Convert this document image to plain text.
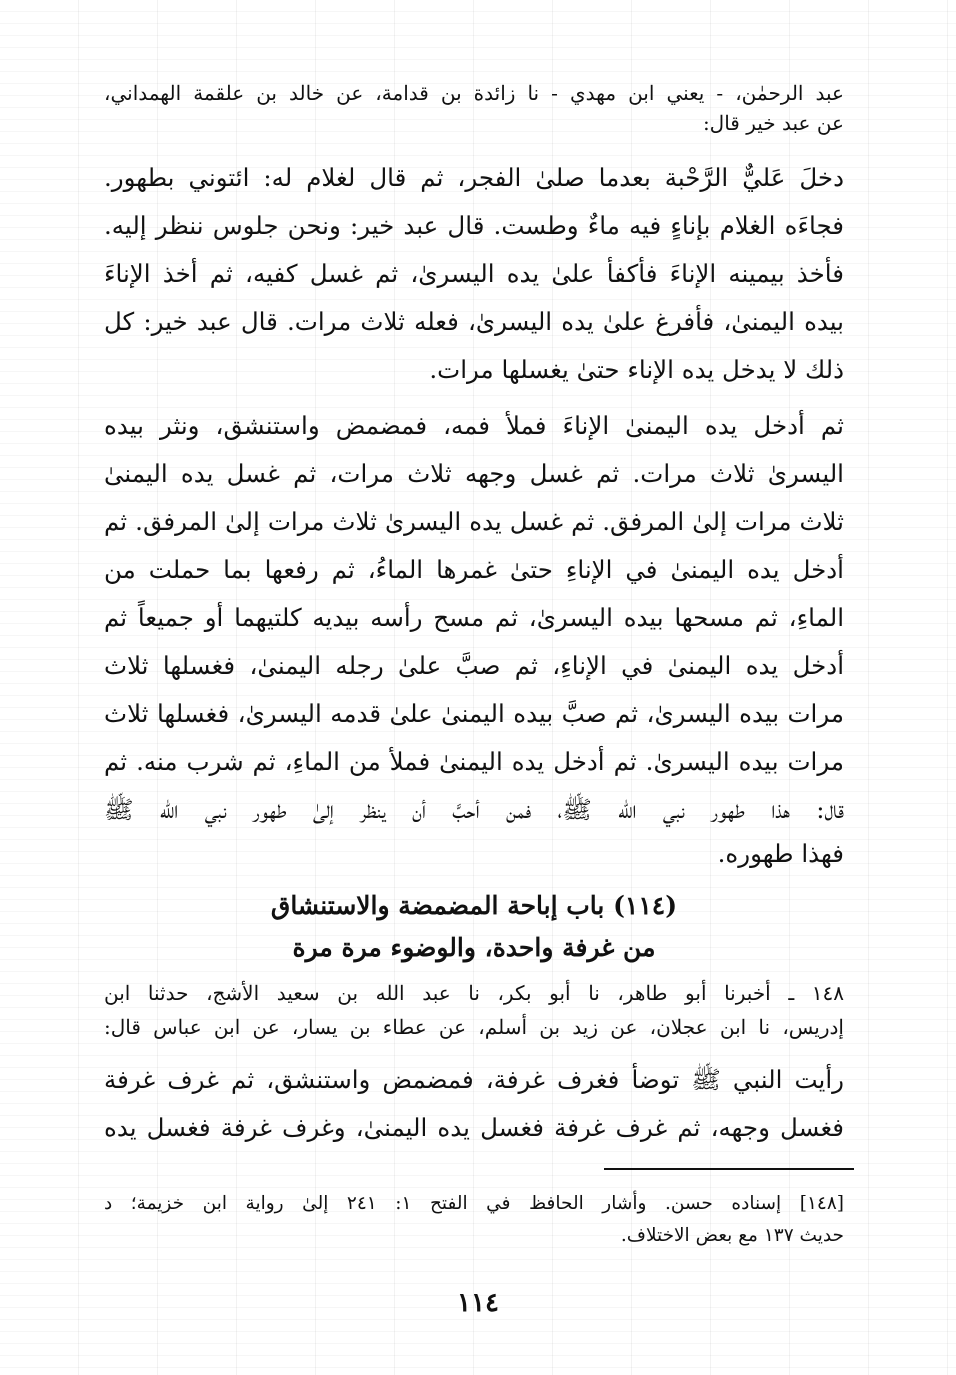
عبد الرحمٰن، - يعني ابن مهدي - نا زائدة بن قدامة، عن خالد بن علقمة الهمداني،
عن عبد خير قال:
دخلَ عَليٌّ الرَّحْبة بعدما صلىٰ الفجر، ثم قال لغلام له: ائتوني بطهور.
فجاءَه الغلام بإناءٍ فيه ماءٌ وطست. قال عبد خير: ونحن جلوس ننظر إليه.
فأخذ بيمينه الإناءَ فأكفأ علىٰ يده اليسرىٰ، ثم غسل كفيه، ثم أخذ الإناءَ
بيده اليمنىٰ، فأفرغ علىٰ يده اليسرىٰ، فعله ثلاث مرات. قال عبد خير: كل
ذلك لا يدخل يده الإناء حتىٰ يغسلها مرات.
ثم أدخل يده اليمنىٰ الإناءَ فملأ فمه، فمضمض واستنشق، ونثر بيده
اليسرىٰ ثلاث مرات. ثم غسل وجهه ثلاث مرات، ثم غسل يده اليمنىٰ
ثلاث مرات إلىٰ المرفق. ثم غسل يده اليسرىٰ ثلاث مرات إلىٰ المرفق. ثم
أدخل يده اليمنىٰ في الإناءِ حتىٰ غمرها الماءُ، ثم رفعها بما حملت من
الماءِ، ثم مسحها بيده اليسرىٰ، ثم مسح رأسه بيديه كلتيهما أو جميعاً ثم
أدخل يده اليمنىٰ في الإناءِ، ثم صبَّ علىٰ رجله اليمنىٰ، فغسلها ثلاث
مرات بيده اليسرىٰ، ثم صبَّ بيده اليمنىٰ علىٰ قدمه اليسرىٰ، فغسلها ثلاث
مرات بيده اليسرىٰ. ثم أدخل يده اليمنىٰ فملأ من الماءِ، ثم شرب منه. ثم
قال: هذا طهور نبي الله ﷺ، فمن أحبَّ أن ينظر إلىٰ طهور نبي الله ﷺ
فهذا طهوره.
(١١٤) باب إباحة المضمضة والاستنشاق
من غرفة واحدة، والوضوء مرة مرة
١٤٨ ـ أخبرنا أبو طاهر، نا أبو بكر، نا عبد الله بن سعيد الأشج، حدثنا ابن
إدريس، نا ابن عجلان، عن زيد بن أسلم، عن عطاء بن يسار، عن ابن عباس قال:
رأيت النبي ﷺ توضأ فغرف غرفة، فمضمض واستنشق، ثم غرف غرفة
فغسل وجهه، ثم غرف غرفة فغسل يده اليمنىٰ، وغرف غرفة فغسل يده
[١٤٨] إسناده حسن. وأشار الحافظ في الفتح ١: ٢٤١ إلىٰ رواية ابن خزيمة؛ د
حديث ١٣٧ مع بعض الاختلاف.
١١٤
